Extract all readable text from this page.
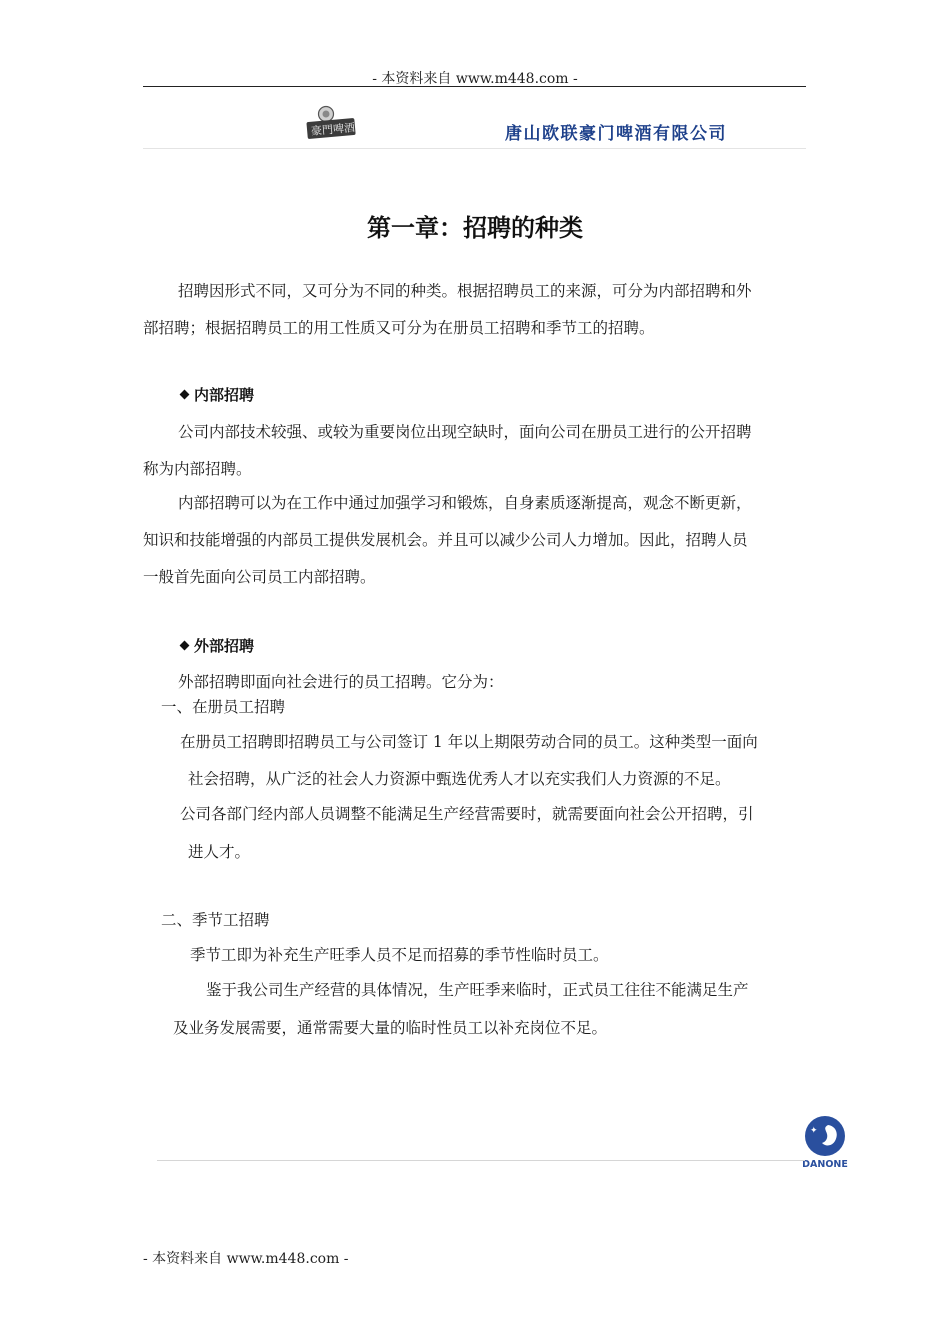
- 本资料来自 www.m448.com -
豪門啤酒	唐山欧联豪门啤酒有限公司
第一章：招聘的种类
招聘因形式不同，又可分为不同的种类。根据招聘员工的来源，可分为内部招聘和外
部招聘；根据招聘员工的用工性质又可分为在册员工招聘和季节工的招聘。
内部招聘
公司内部技术较强、或较为重要岗位出现空缺时，面向公司在册员工进行的公开招聘
称为内部招聘。
内部招聘可以为在工作中通过加强学习和锻炼，自身素质逐渐提高，观念不断更新，
知识和技能增强的内部员工提供发展机会。并且可以减少公司人力增加。因此，招聘人员
一般首先面向公司员工内部招聘。
外部招聘
外部招聘即面向社会进行的员工招聘。它分为：
一、在册员工招聘
在册员工招聘即招聘员工与公司签订 1 年以上期限劳动合同的员工。这种类型一面向
社会招聘，从广泛的社会人力资源中甄选优秀人才以充实我们人力资源的不足。
公司各部门经内部人员调整不能满足生产经营需要时，就需要面向社会公开招聘，引
进人才。
二、季节工招聘
季节工即为补充生产旺季人员不足而招募的季节性临时员工。
鉴于我公司生产经营的具体情况，生产旺季来临时，正式员工往往不能满足生产
及业务发展需要，通常需要大量的临时性员工以补充岗位不足。
✦
DANONE
- 本资料来自 www.m448.com -
